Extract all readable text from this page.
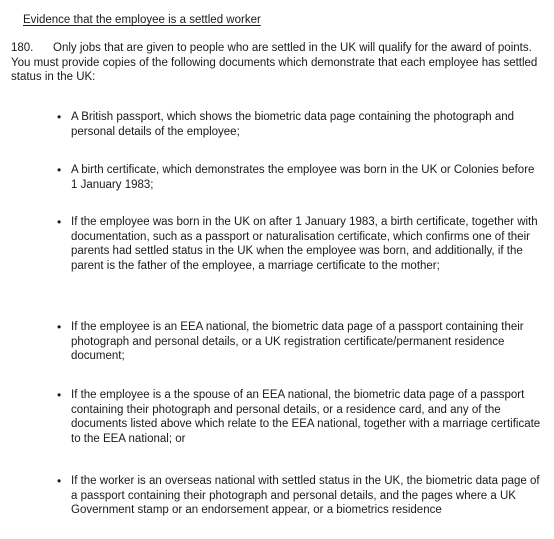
Evidence that the employee is a settled worker
180.	Only jobs that are given to people who are settled in the UK will qualify for the award of points. You must provide copies of the following documents which demonstrate that each employee has settled status in the UK:

• A British passport, which shows the biometric data page containing the photograph and personal details of the employee;

• A birth certificate, which demonstrates the employee was born in the UK or Colonies before 1 January 1983;

• If the employee was born in the UK on after 1 January 1983, a birth certificate, together with documentation, such as a passport or naturalisation certificate, which confirms one of their parents had settled status in the UK when the employee was born, and additionally, if the parent is the father of the employee, a marriage certificate to the mother;

• If the employee is an EEA national, the biometric data page of a passport containing their photograph and personal details, or a UK registration certificate/permanent residence document;

• If the employee is a the spouse of an EEA national, the biometric data page of a passport containing their photograph and personal details, or a residence card, and any of the documents listed above which relate to the EEA national, together with a marriage certificate to the EEA national; or

• If the worker is an overseas national with settled status in the UK, the biometric data page of a passport containing their photograph and personal details, and the pages where a UK Government stamp or an endorsement appear, or a biometrics residence
